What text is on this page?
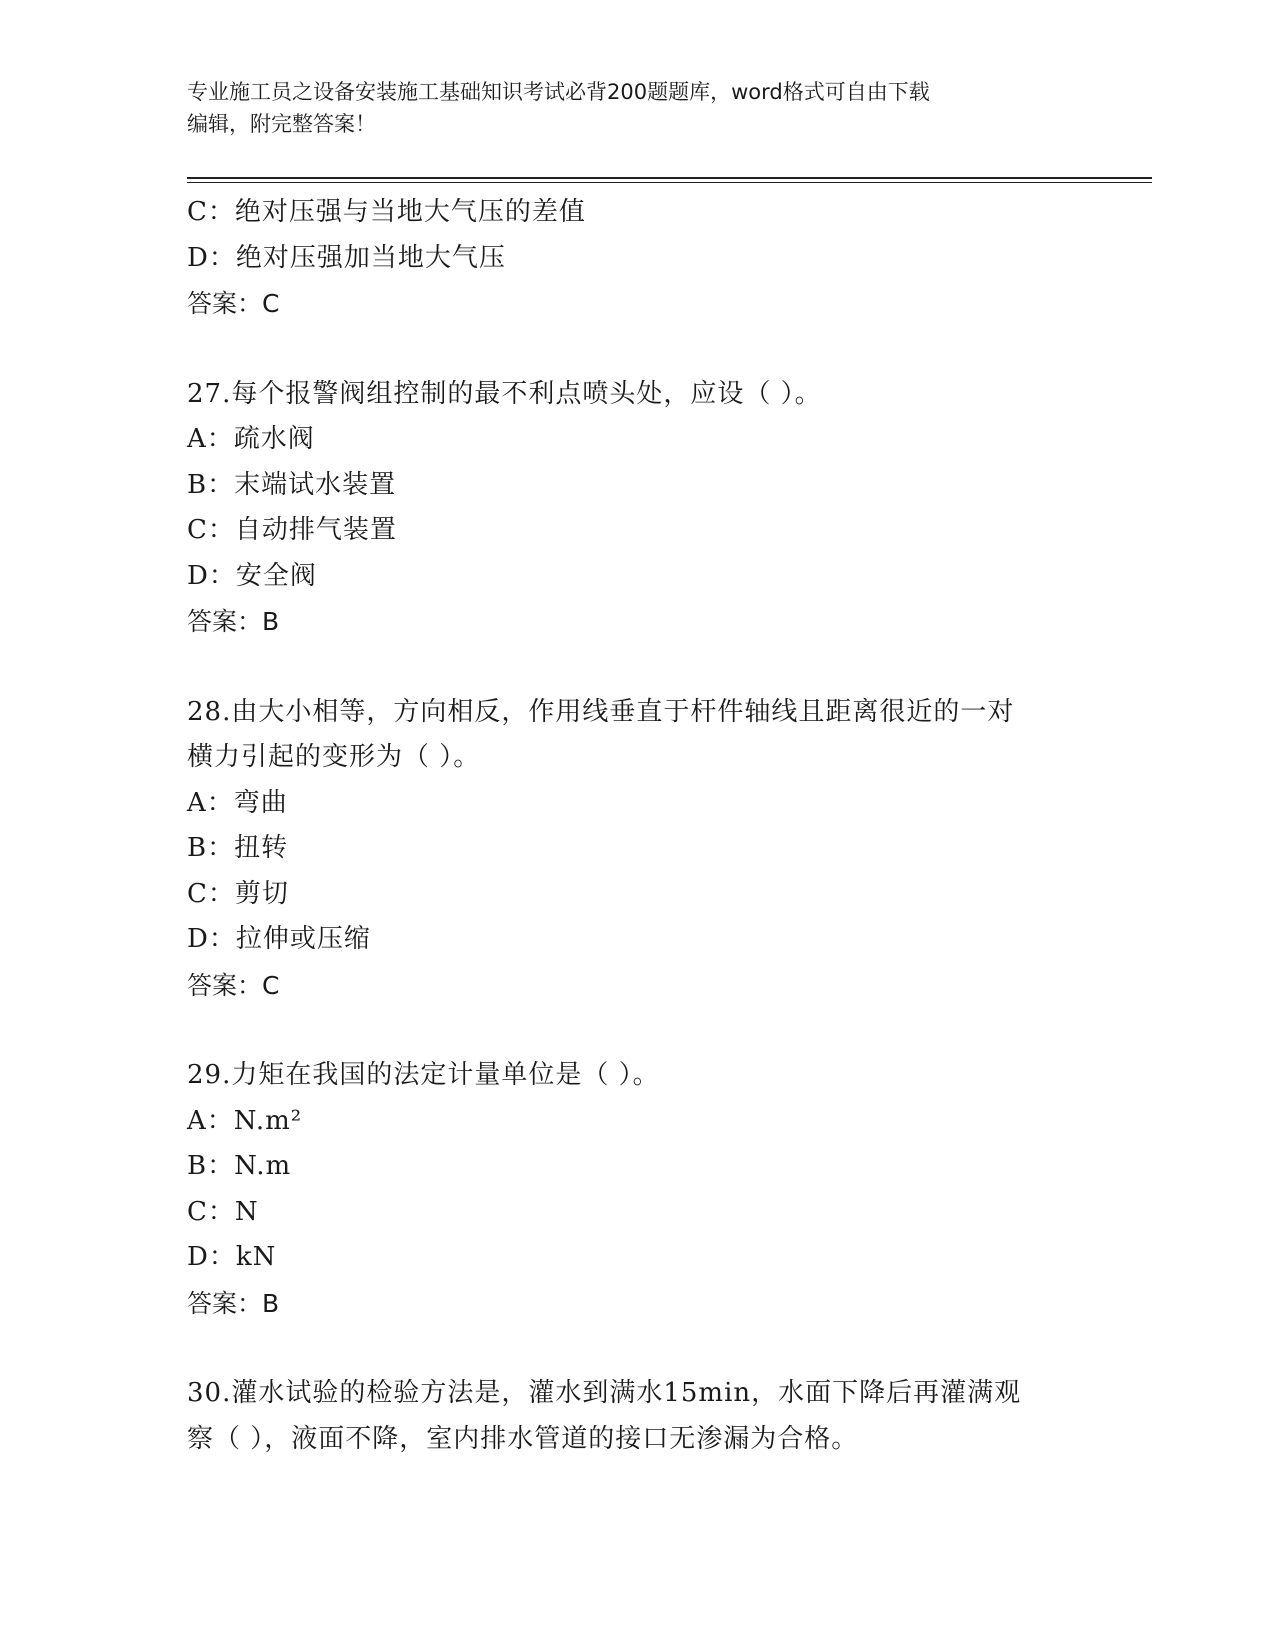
专业施工员之设备安装施工基础知识考试必背200题题库，word格式可自由下载
编辑，附完整答案！
C：绝对压强与当地大气压的差值
D：绝对压强加当地大气压
答案：C
27.每个报警阀组控制的最不利点喷头处，应设（ ）。
A：疏水阀
B：末端试水装置
C：自动排气装置
D：安全阀
答案：B
28.由大小相等，方向相反，作用线垂直于杆件轴线且距离很近的一对
横力引起的变形为（ ）。
A：弯曲
B：扭转
C：剪切
D：拉伸或压缩
答案：C
29.力矩在我国的法定计量单位是（ ）。
A：N.m²
B：N.m
C：N
D：kN
答案：B
30.灌水试验的检验方法是，灌水到满水15min，水面下降后再灌满观
察（ ），液面不降，室内排水管道的接口无渗漏为合格。
